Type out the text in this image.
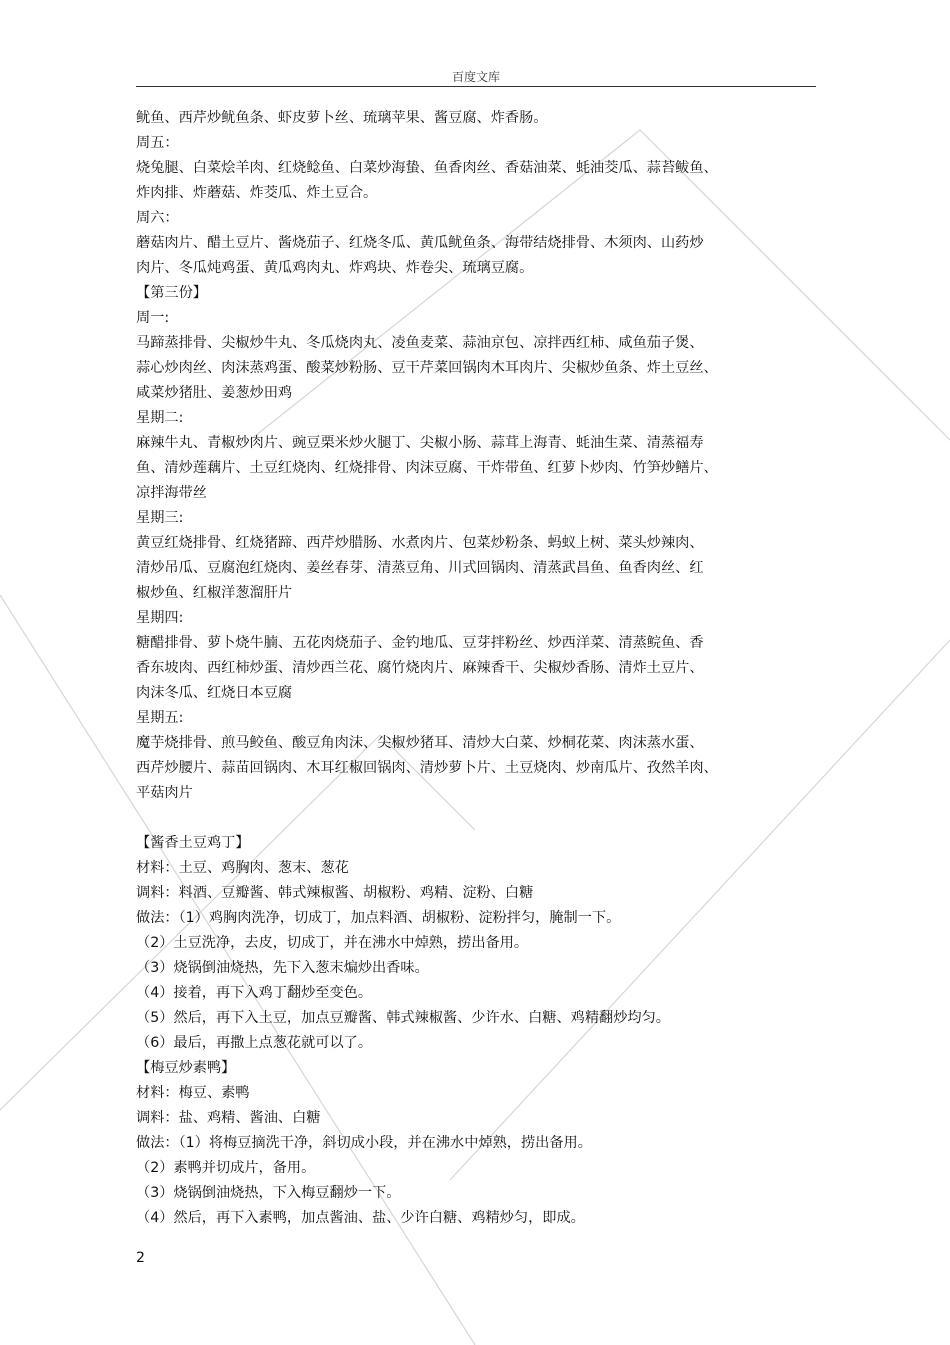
百度文库
鱿鱼、西芹炒鱿鱼条、虾皮萝卜丝、琉璃苹果、酱豆腐、炸香肠。
周五：
烧兔腿、白菜烩羊肉、红烧鲶鱼、白菜炒海蛰、鱼香肉丝、香菇油菜、蚝油茭瓜、蒜苔鲅鱼、
炸肉排、炸蘑菇、炸茭瓜、炸土豆合。
周六：
蘑菇肉片、醋土豆片、酱烧茄子、红烧冬瓜、黄瓜鱿鱼条、海带结烧排骨、木须肉、山药炒
肉片、冬瓜炖鸡蛋、黄瓜鸡肉丸、炸鸡块、炸卷尖、琉璃豆腐。
【第三份】
周一:
马蹄蒸排骨、尖椒炒牛丸、冬瓜烧肉丸、凌鱼麦菜、蒜油京包、凉拌西红柿、咸鱼茄子煲、
蒜心炒肉丝、肉沫蒸鸡蛋、酸菜炒粉肠、豆干芹菜回锅肉木耳肉片、尖椒炒鱼条、炸土豆丝、
咸菜炒猪肚、姜葱炒田鸡
星期二:
麻辣牛丸、青椒炒肉片、豌豆栗米炒火腿丁、尖椒小肠、蒜茸上海青、蚝油生菜、清蒸福寿
鱼、清炒莲藕片、土豆红烧肉、红烧排骨、肉沫豆腐、干炸带鱼、红萝卜炒肉、竹笋炒鳝片、
凉拌海带丝
星期三:
黄豆红烧排骨、红烧猪蹄、西芹炒腊肠、水煮肉片、包菜炒粉条、蚂蚁上树、菜头炒辣肉、
清炒吊瓜、豆腐泡红烧肉、姜丝春芽、清蒸豆角、川式回锅肉、清蒸武昌鱼、鱼香肉丝、红
椒炒鱼、红椒洋葱溜肝片
星期四:
糖醋排骨、萝卜烧牛腩、五花肉烧茄子、金钓地瓜、豆芽拌粉丝、炒西洋菜、清蒸鲩鱼、香
香东坡肉、西红柿炒蛋、清炒西兰花、腐竹烧肉片、麻辣香干、尖椒炒香肠、清炸土豆片、
肉沫冬瓜、红烧日本豆腐
星期五:
魔芋烧排骨、煎马鲛鱼、酸豆角肉沫、尖椒炒猪耳、清炒大白菜、炒桐花菜、肉沫蒸水蛋、
西芹炒腰片、蒜苗回锅肉、木耳红椒回锅肉、清炒萝卜片、土豆烧肉、炒南瓜片、孜然羊肉、
平菇肉片
【酱香土豆鸡丁】
材料：土豆、鸡胸肉、葱末、葱花
调料：料酒、豆瓣酱、韩式辣椒酱、胡椒粉、鸡精、淀粉、白糖
做法：（1）鸡胸肉洗净，切成丁，加点料酒、胡椒粉、淀粉拌匀，腌制一下。
（2）土豆洗净，去皮，切成丁，并在沸水中焯熟，捞出备用。
（3）烧锅倒油烧热，先下入葱末煸炒出香味。
（4）接着，再下入鸡丁翻炒至变色。
（5）然后，再下入土豆，加点豆瓣酱、韩式辣椒酱、少许水、白糖、鸡精翻炒均匀。
（6）最后，再撒上点葱花就可以了。
【梅豆炒素鸭】
材料：梅豆、素鸭
调料：盐、鸡精、酱油、白糖
做法：（1）将梅豆摘洗干净，斜切成小段，并在沸水中焯熟，捞出备用。
（2）素鸭并切成片，备用。
（3）烧锅倒油烧热，下入梅豆翻炒一下。
（4）然后，再下入素鸭，加点酱油、盐、少许白糖、鸡精炒匀，即成。
2
